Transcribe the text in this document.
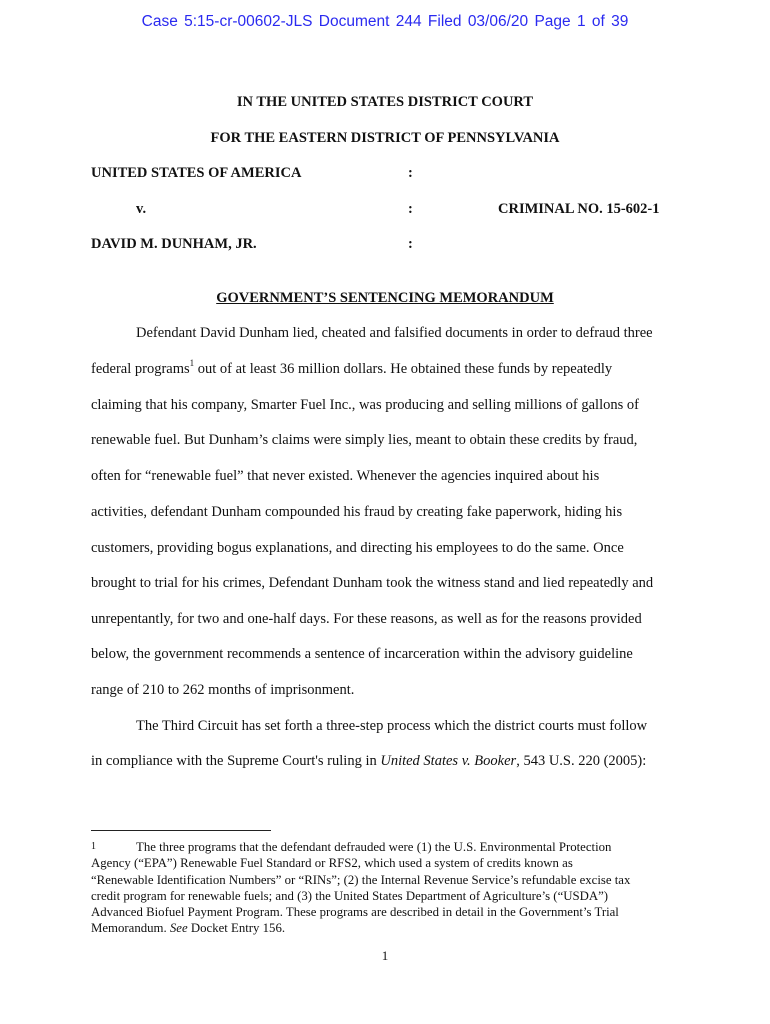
Case 5:15-cr-00602-JLS Document 244 Filed 03/06/20 Page 1 of 39
IN THE UNITED STATES DISTRICT COURT
FOR THE EASTERN DISTRICT OF PENNSYLVANIA
UNITED STATES OF AMERICA	:
v.	:	CRIMINAL NO. 15-602-1
DAVID M. DUNHAM, JR.	:
GOVERNMENT’S SENTENCING MEMORANDUM
Defendant David Dunham lied, cheated and falsified documents in order to defraud three
federal programs$^1$ out of at least 36 million dollars. He obtained these funds by repeatedly
claiming that his company, Smarter Fuel Inc., was producing and selling millions of gallons of
renewable fuel. But Dunham’s claims were simply lies, meant to obtain these credits by fraud,
often for “renewable fuel” that never existed. Whenever the agencies inquired about his
activities, defendant Dunham compounded his fraud by creating fake paperwork, hiding his
customers, providing bogus explanations, and directing his employees to do the same. Once
brought to trial for his crimes, Defendant Dunham took the witness stand and lied repeatedly and
unrepentantly, for two and one-half days. For these reasons, as well as for the reasons provided
below, the government recommends a sentence of incarceration within the advisory guideline
range of 210 to 262 months of imprisonment.
The Third Circuit has set forth a three-step process which the district courts must follow
in compliance with the Supreme Court's ruling in United States v. Booker, 543 U.S. 220 (2005):
1	The three programs that the defendant defrauded were (1) the U.S. Environmental Protection
Agency (“EPA”) Renewable Fuel Standard or RFS2, which used a system of credits known as
“Renewable Identification Numbers” or “RINs”; (2) the Internal Revenue Service’s refundable excise tax
credit program for renewable fuels; and (3) the United States Department of Agriculture’s (“USDA”)
Advanced Biofuel Payment Program. These programs are described in detail in the Government’s Trial
Memorandum. See Docket Entry 156.
1
